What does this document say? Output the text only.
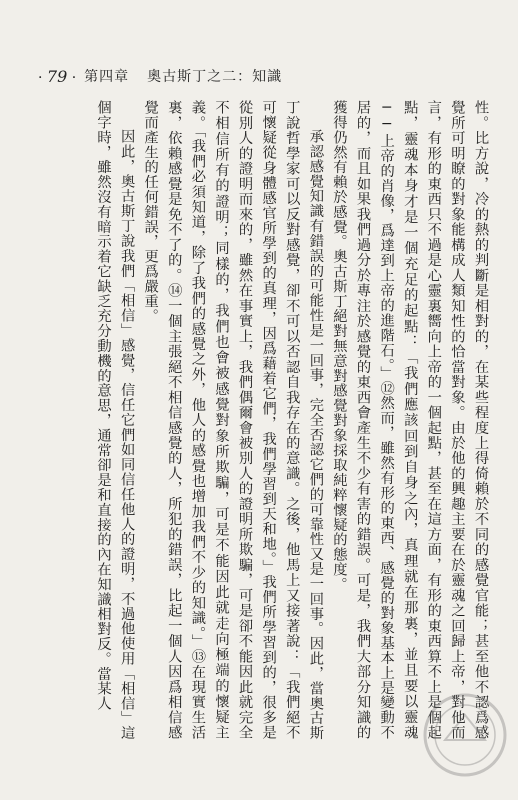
· 79 · 第四章 奧古斯丁之二：知識

性。比方說，冷的熱的判斷是相對的，在某些程度上得倚賴於不同的感覺官能；甚至他不認爲感覺所可明瞭的對象能構成人類知性的恰當對象。由於他的興趣主要在於靈魂之回歸上帝，對他而言，有形的東西只不過是心靈裏嚮向上帝的一個起點，甚至在這方面，有形的東西算不上是個起點，靈魂本身才是一個充足的起點：「我們應該回到自身之內，真理就在那裏，並且要以靈魂──上帝的肖像，爲達到上帝的進階石。」⑫然而，雖然有形的東西、感覺的對象基本上是變動不居的，而且如果我們過分於專注於感覺的東西會產生不少有害的錯誤。可是，我們大部分知識的獲得仍然有賴於感覺。奧古斯丁絕對無意對感覺對象採取純粹懷疑的態度。

承認感覺知識有錯誤的可能性是一回事，完全否認它們的可靠性又是一回事。因此，當奧古斯丁說哲學家可以反對感覺，卻不可以否認自我存在的意識。之後，他馬上又接著說：「我們絕不可懷疑從身體感官所學到的真理，因爲藉着它們，我們學習到天和地。」我們所學習到的，很多是從別人的證明而來的，雖然在事實上，我們偶爾會被別人的證明所欺騙，可是卻不能因此就完全不相信所有的證明；同樣的，我們也會被感覺對象所欺騙，可是不能因此就走向極端的懷疑主義。「我們必須知道，除了我們的感覺之外，他人的感覺也增加我們不少的知識。」⑬在現實生活裏，依賴感覺是免不了的。⑭一個主張絕不相信感覺的人，所犯的錯誤，比起一個人因爲相信感覺而產生的任何錯誤，更爲嚴重。

因此，奧古斯丁說我們「相信」感覺，信任它們如同信任他人的證明，不過他使用「相信」這個字時，雖然沒有暗示着它缺乏充分動機的意思，通常卻是和直接的內在知識相對反。當某人
